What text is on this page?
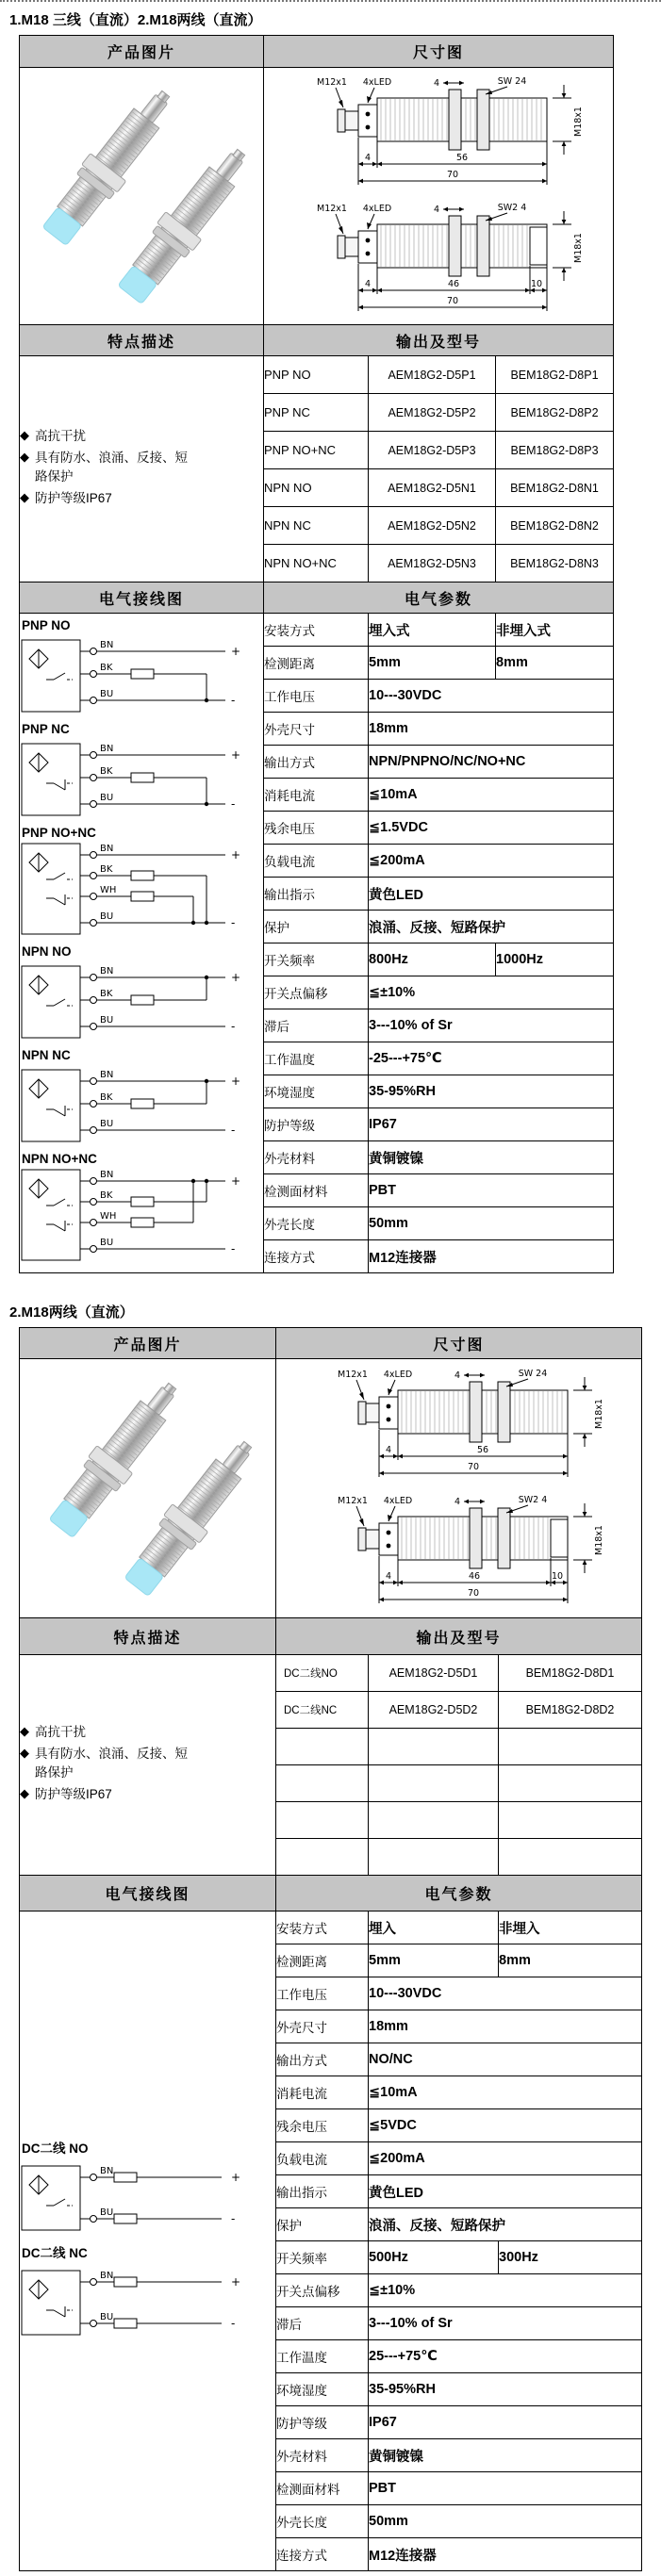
1.M18 三线（直流）2.M18两线（直流）
产品图片	尺寸图		

M12x1 4xLED	4	SW 24
M18x1
4	56
70
M12x1 4xLED	4	SW2 4
M18x1
4	46	10
70

特点描述	输出及型号		

◆ 高抗干扰
◆ 具有防水、浪涌、反接、短路保护
◆ 防护等级IP67
	PNP NO	AEM18G2-D5P1	BEM18G2-D8P1
	PNP NC	AEM18G2-D5P2	BEM18G2-D8P2
	PNP NO+NC	AEM18G2-D5P3	BEM18G2-D8P3
	NPN NO	AEM18G2-D5N1	BEM18G2-D8N1
	NPN NC	AEM18G2-D5N2	BEM18G2-D8N2
	NPN NO+NC	AEM18G2-D5N3	BEM18G2-D8N3
电气接线图	电气参数		

PNP NO
BN	+
BK
BU	-
PNP NC
BN	+
BK
BU	-
PNP NO+NC
BN	+
BK
WH
BU	-
NPN NO
BN	+
BK
BU	-
NPN NC
BN	+
BK
BU	-
NPN NO+NC
BN	+
BK
WH
BU	-
	安装方式	埋入式	非埋入式
	检测距离	5mm	8mm
	工作电压	10---30VDC	
	外壳尺寸	18mm	
	输出方式	NPN/PNPNO/NC/NO+NC	
	消耗电流	≦10mA	
	残余电压	≦1.5VDC	
	负载电流	≦200mA	
	输出指示	黄色LED	
	保护	浪涌、反接、短路保护	
	开关频率	800Hz	1000Hz
	开关点偏移	≦±10%	
	滞后	3---10% of Sr	
	工作温度	-25---+75℃	
	环境湿度	35-95%RH	
	防护等级	IP67	
	外壳材料	黄铜镀镍	
	检测面材料	PBT	
	外壳长度	50mm	
	连接方式	M12连接器	
2.M18两线（直流）
产品图片	尺寸图		

M12x1 4xLED	4	SW 24
M18x1
4	56
70
M12x1 4xLED	4	SW2 4
M18x1
4	46	10
70

特点描述	输出及型号		

◆ 高抗干扰
◆ 具有防水、浪涌、反接、短路保护
◆ 防护等级IP67
	DC二线NO	AEM18G2-D5D1	BEM18G2-D8D1
	DC二线NC	AEM18G2-D5D2	BEM18G2-D8D2

电气接线图	电气参数		

DC二线 NO
BN	+
BU	-
DC二线 NC
BN	+
BU	-
	安装方式	埋入	非埋入
	检测距离	5mm	8mm
	工作电压	10---30VDC	
	外壳尺寸	18mm	
	输出方式	NO/NC	
	消耗电流	≦10mA	
	残余电压	≦5VDC	
	负载电流	≦200mA	
	输出指示	黄色LED	
	保护	浪涌、反接、短路保护	
	开关频率	500Hz	300Hz
	开关点偏移	≦±10%	
	滞后	3---10% of Sr	
	工作温度	25---+75℃	
	环境湿度	35-95%RH	
	防护等级	IP67	
	外壳材料	黄铜镀镍	
	检测面材料	PBT	
	外壳长度	50mm	
	连接方式	M12连接器	
